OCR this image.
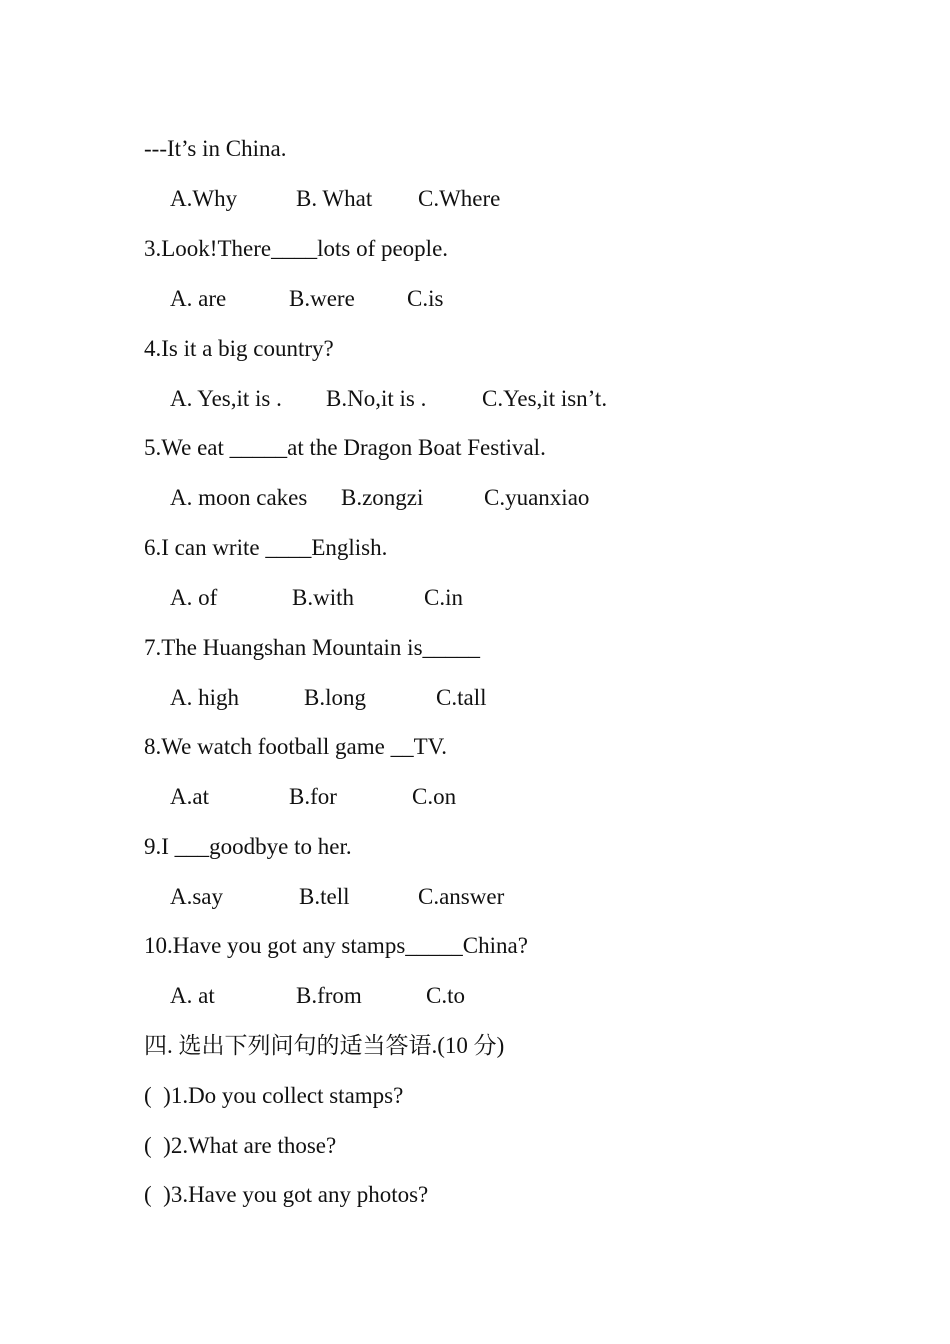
---It’s in China.
A.Why	B. What C.Where
3.Look!There____lots of people.
A. are	B.were C.is
4.Is it a big country?
A. Yes,it is . B.No,it is . C.Yes,it isn’t.
5.We eat _____at the Dragon Boat Festival.
A. moon cakes B.zongzi	C.yuanxiao
6.I can write ____English.
A. of	B.with	C.in
7.The Huangshan Mountain is_____
A. high	B.long	C.tall
8.We watch football game __TV.
A.at	B.for	C.on
9.I ___goodbye to her.
A.say	B.tell	C.answer
10.Have you got any stamps_____China?
A. at	B.from	C.to
四. 选出下列问句的适当答语.(10 分)
(  )1.Do you collect stamps?
(  )2.What are those?
(  )3.Have you got any photos?
